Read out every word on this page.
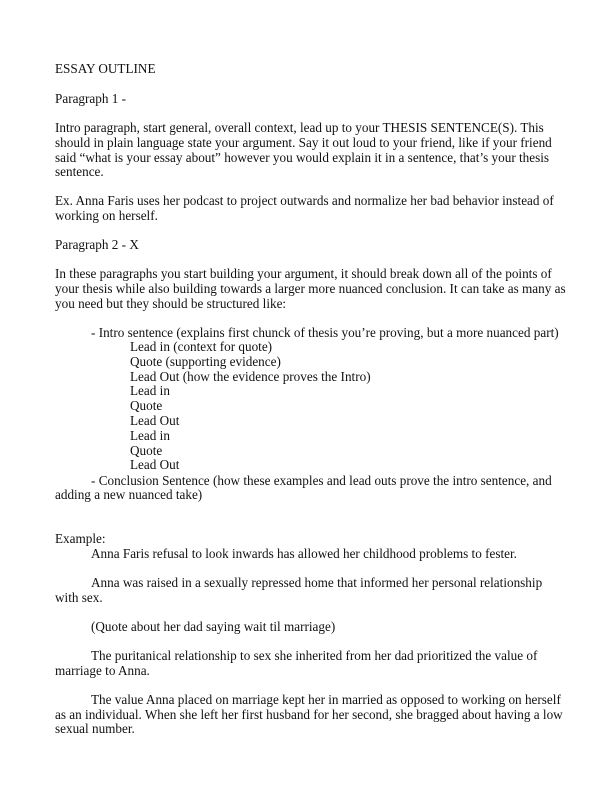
ESSAY OUTLINE

Paragraph 1 -

Intro paragraph, start general, overall context, lead up to your THESIS SENTENCE(S). This
should in plain language state your argument. Say it out loud to your friend, like if your friend
said “what is your essay about” however you would explain it in a sentence, that’s your thesis
sentence.
Ex. Anna Faris uses her podcast to project outwards and normalize her bad behavior instead of
working on herself.

Paragraph 2 - X

In these paragraphs you start building your argument, it should break down all of the points of
your thesis while also building towards a larger more nuanced conclusion. It can take as many as
you need but they should be structured like:

- Intro sentence (explains first chunck of thesis you’re proving, but a more nuanced part)

Lead in (context for quote)
Quote (supporting evidence)
Lead Out (how the evidence proves the Intro)
Lead in
Quote
Lead Out
Lead in
Quote
Lead Out

- Conclusion Sentence (how these examples and lead outs prove the intro sentence, and

adding a new nuanced take)

Example:

Anna Faris refusal to look inwards has allowed her childhood problems to fester.

Anna was raised in a sexually repressed home that informed her personal relationship

with sex.

(Quote about her dad saying wait til marriage)

The puritanical relationship to sex she inherited from her dad prioritized the value of

marriage to Anna.

The value Anna placed on marriage kept her in married as opposed to working on herself

as an individual. When she left her first husband for her second, she bragged about having a low

sexual number.
